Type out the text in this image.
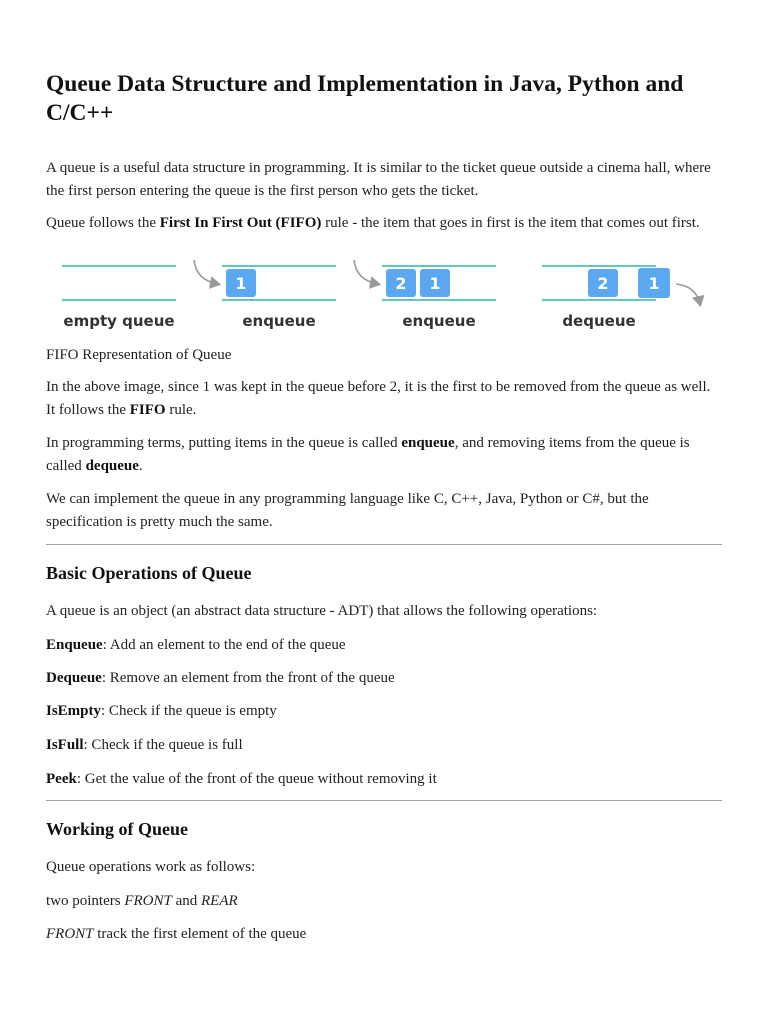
Queue Data Structure and Implementation in Java, Python and C/C++

A queue is a useful data structure in programming. It is similar to the ticket queue outside a cinema hall, where the first person entering the queue is the first person who gets the ticket.

Queue follows the First In First Out (FIFO) rule - the item that goes in first is the item that comes out first.

empty queue
1
enqueue
2 1
enqueue
2 1
dequeue

FIFO Representation of Queue

In the above image, since 1 was kept in the queue before 2, it is the first to be removed from the queue as well. It follows the FIFO rule.

In programming terms, putting items in the queue is called enqueue, and removing items from the queue is called dequeue.

We can implement the queue in any programming language like C, C++, Java, Python or C#, but the specification is pretty much the same.

Basic Operations of Queue

A queue is an object (an abstract data structure - ADT) that allows the following operations:

Enqueue: Add an element to the end of the queue

Dequeue: Remove an element from the front of the queue

IsEmpty: Check if the queue is empty

IsFull: Check if the queue is full

Peek: Get the value of the front of the queue without removing it

Working of Queue

Queue operations work as follows:

two pointers FRONT and REAR

FRONT track the first element of the queue
